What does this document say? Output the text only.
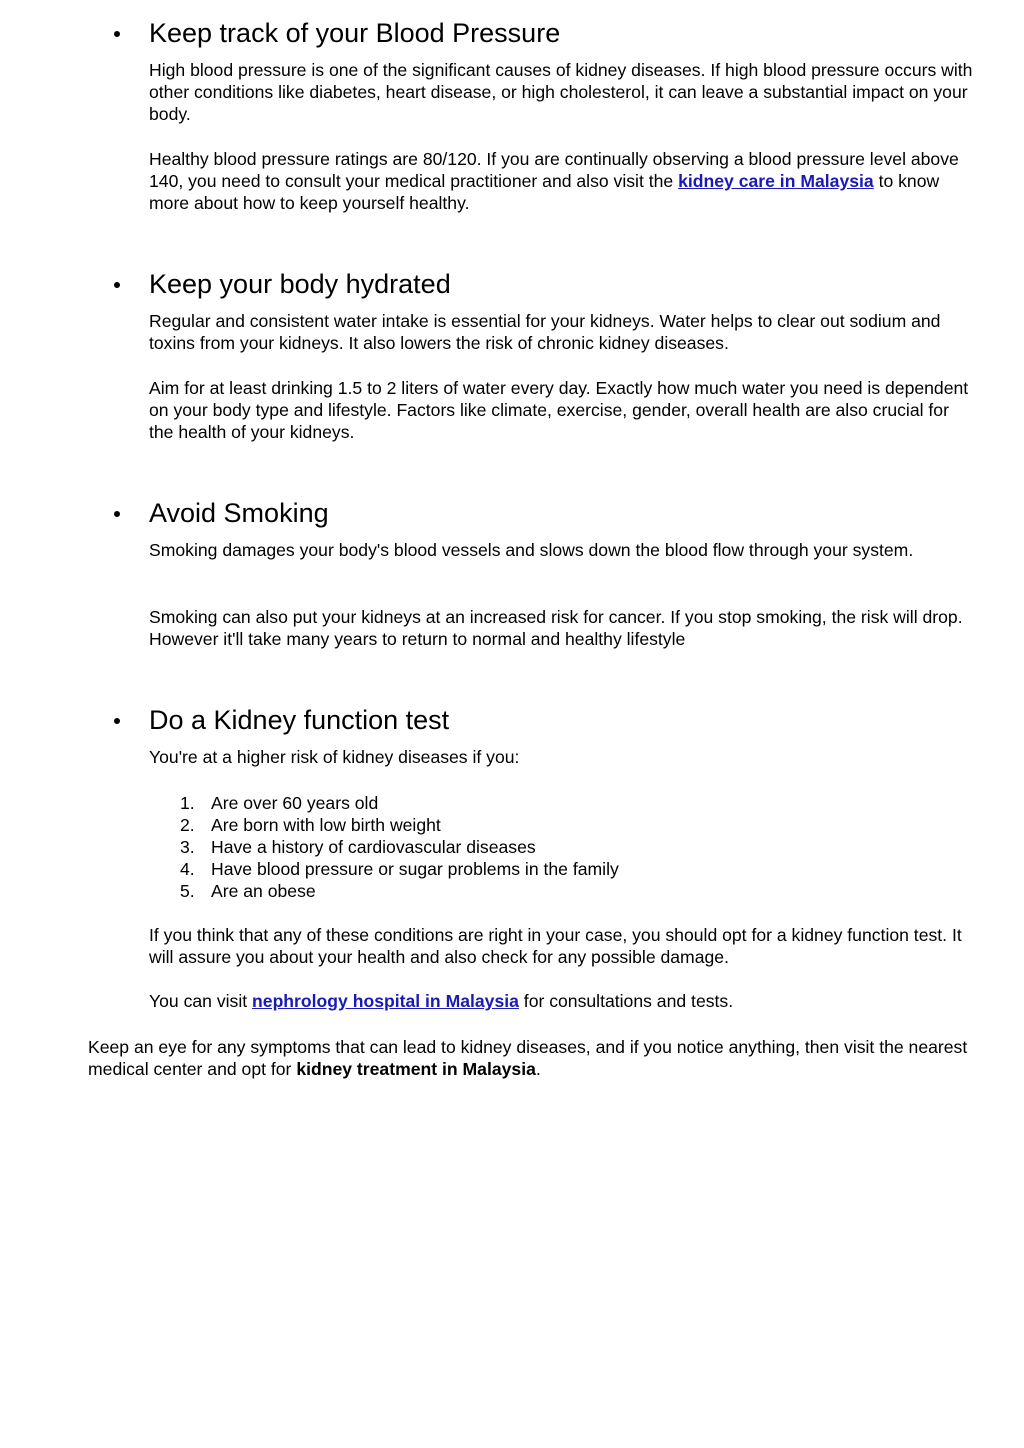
Keep track of your Blood Pressure

High blood pressure is one of the significant causes of kidney diseases. If high blood pressure occurs with other conditions like diabetes, heart disease, or high cholesterol, it can leave a substantial impact on your body.

Healthy blood pressure ratings are 80/120. If you are continually observing a blood pressure level above 140, you need to consult your medical practitioner and also visit the kidney care in Malaysia to know more about how to keep yourself healthy.

Keep your body hydrated

Regular and consistent water intake is essential for your kidneys. Water helps to clear out sodium and toxins from your kidneys. It also lowers the risk of chronic kidney diseases.

Aim for at least drinking 1.5 to 2 liters of water every day. Exactly how much water you need is dependent on your body type and lifestyle. Factors like climate, exercise, gender, overall health are also crucial for the health of your kidneys.

Avoid Smoking

Smoking damages your body's blood vessels and slows down the blood flow through your system.

Smoking can also put your kidneys at an increased risk for cancer. If you stop smoking, the risk will drop. However it'll take many years to return to normal and healthy lifestyle

Do a Kidney function test

You're at a higher risk of kidney diseases if you:

1. Are over 60 years old
2. Are born with low birth weight
3. Have a history of cardiovascular diseases
4. Have blood pressure or sugar problems in the family
5. Are an obese

If you think that any of these conditions are right in your case, you should opt for a kidney function test. It will assure you about your health and also check for any possible damage.

You can visit nephrology hospital in Malaysia for consultations and tests.

Keep an eye for any symptoms that can lead to kidney diseases, and if you notice anything, then visit the nearest medical center and opt for kidney treatment in Malaysia.
